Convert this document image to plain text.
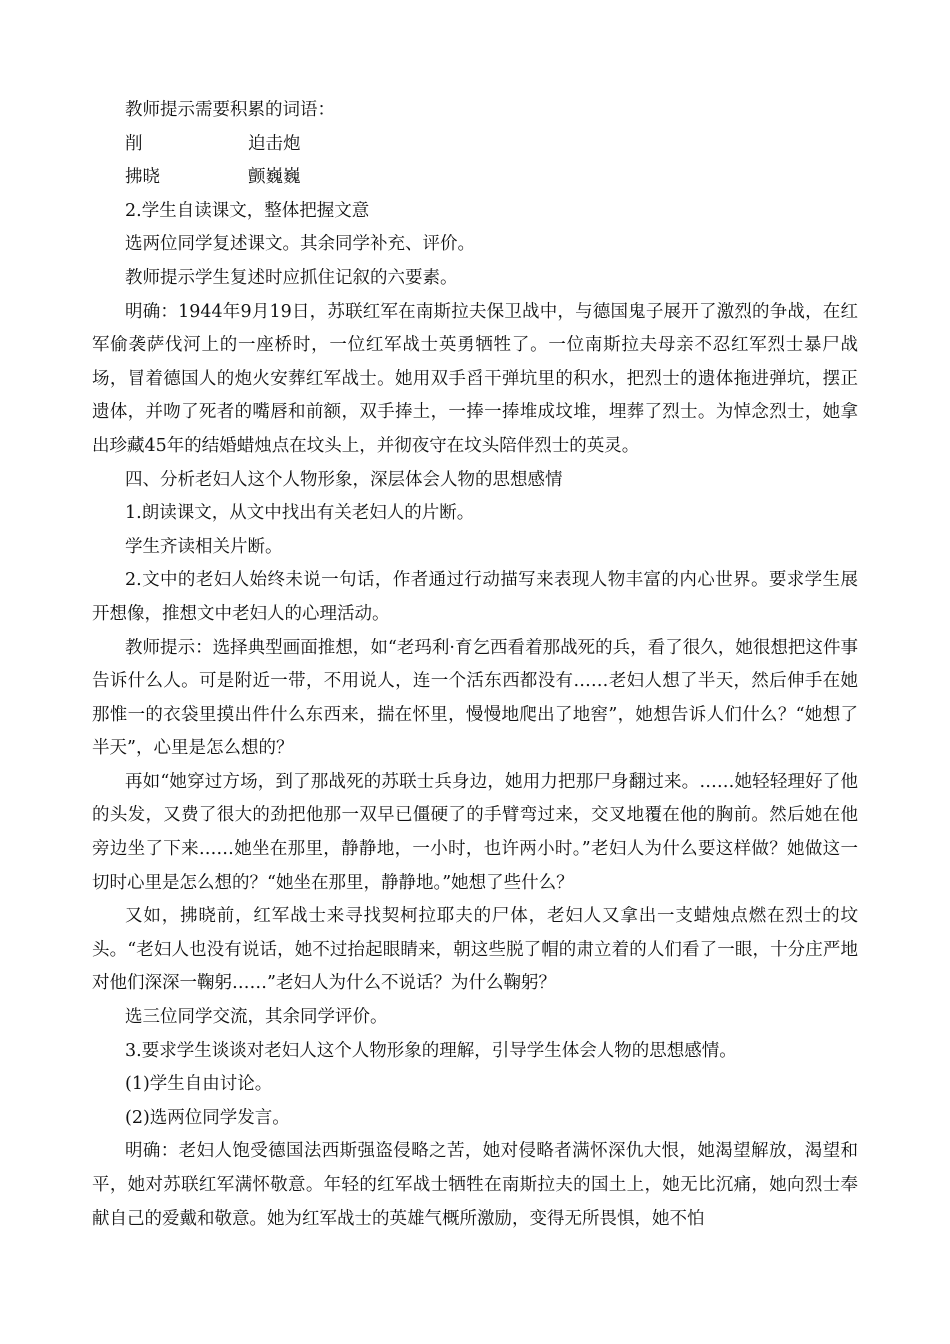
教师提示需要积累的词语：

削	迫击炮
拂晓	颤巍巍

2.学生自读课文，整体把握文意

选两位同学复述课文。其余同学补充、评价。

教师提示学生复述时应抓住记叙的六要素。

明确：1944年9月19日，苏联红军在南斯拉夫保卫战中，与德国鬼子展开了激烈的争战，在红军偷袭萨伐河上的一座桥时，一位红军战士英勇牺牲了。一位南斯拉夫母亲不忍红军烈士暴尸战场，冒着德国人的炮火安葬红军战士。她用双手舀干弹坑里的积水，把烈士的遗体拖进弹坑，摆正遗体，并吻了死者的嘴唇和前额，双手捧土，一捧一捧堆成坟堆，埋葬了烈士。为悼念烈士，她拿出珍藏45年的结婚蜡烛点在坟头上，并彻夜守在坟头陪伴烈士的英灵。

四、分析老妇人这个人物形象，深层体会人物的思想感情

1.朗读课文，从文中找出有关老妇人的片断。

学生齐读相关片断。

2.文中的老妇人始终未说一句话，作者通过行动描写来表现人物丰富的内心世界。要求学生展开想像，推想文中老妇人的心理活动。

教师提示：选择典型画面推想，如“老玛利·育乞西看着那战死的兵，看了很久，她很想把这件事告诉什么人。可是附近一带，不用说人，连一个活东西都没有……老妇人想了半天，然后伸手在她那惟一的衣袋里摸出件什么东西来，揣在怀里，慢慢地爬出了地窖”，她想告诉人们什么？“她想了半天”，心里是怎么想的？

再如“她穿过方场，到了那战死的苏联士兵身边，她用力把那尸身翻过来。……她轻轻理好了他的头发，又费了很大的劲把他那一双早已僵硬了的手臂弯过来，交叉地覆在他的胸前。然后她在他旁边坐了下来……她坐在那里，静静地，一小时，也许两小时。”老妇人为什么要这样做？她做这一切时心里是怎么想的？“她坐在那里，静静地。”她想了些什么？

又如，拂晓前，红军战士来寻找契柯拉耶夫的尸体，老妇人又拿出一支蜡烛点燃在烈士的坟头。“老妇人也没有说话，她不过抬起眼睛来，朝这些脱了帽的肃立着的人们看了一眼，十分庄严地对他们深深一鞠躬……”老妇人为什么不说话？为什么鞠躬？

选三位同学交流，其余同学评价。

3.要求学生谈谈对老妇人这个人物形象的理解，引导学生体会人物的思想感情。

(1)学生自由讨论。

(2)选两位同学发言。

明确：老妇人饱受德国法西斯强盗侵略之苦，她对侵略者满怀深仇大恨，她渴望解放，渴望和平，她对苏联红军满怀敬意。年轻的红军战士牺牲在南斯拉夫的国土上，她无比沉痛，她向烈士奉献自己的爱戴和敬意。她为红军战士的英雄气概所激励，变得无所畏惧，她不怕
